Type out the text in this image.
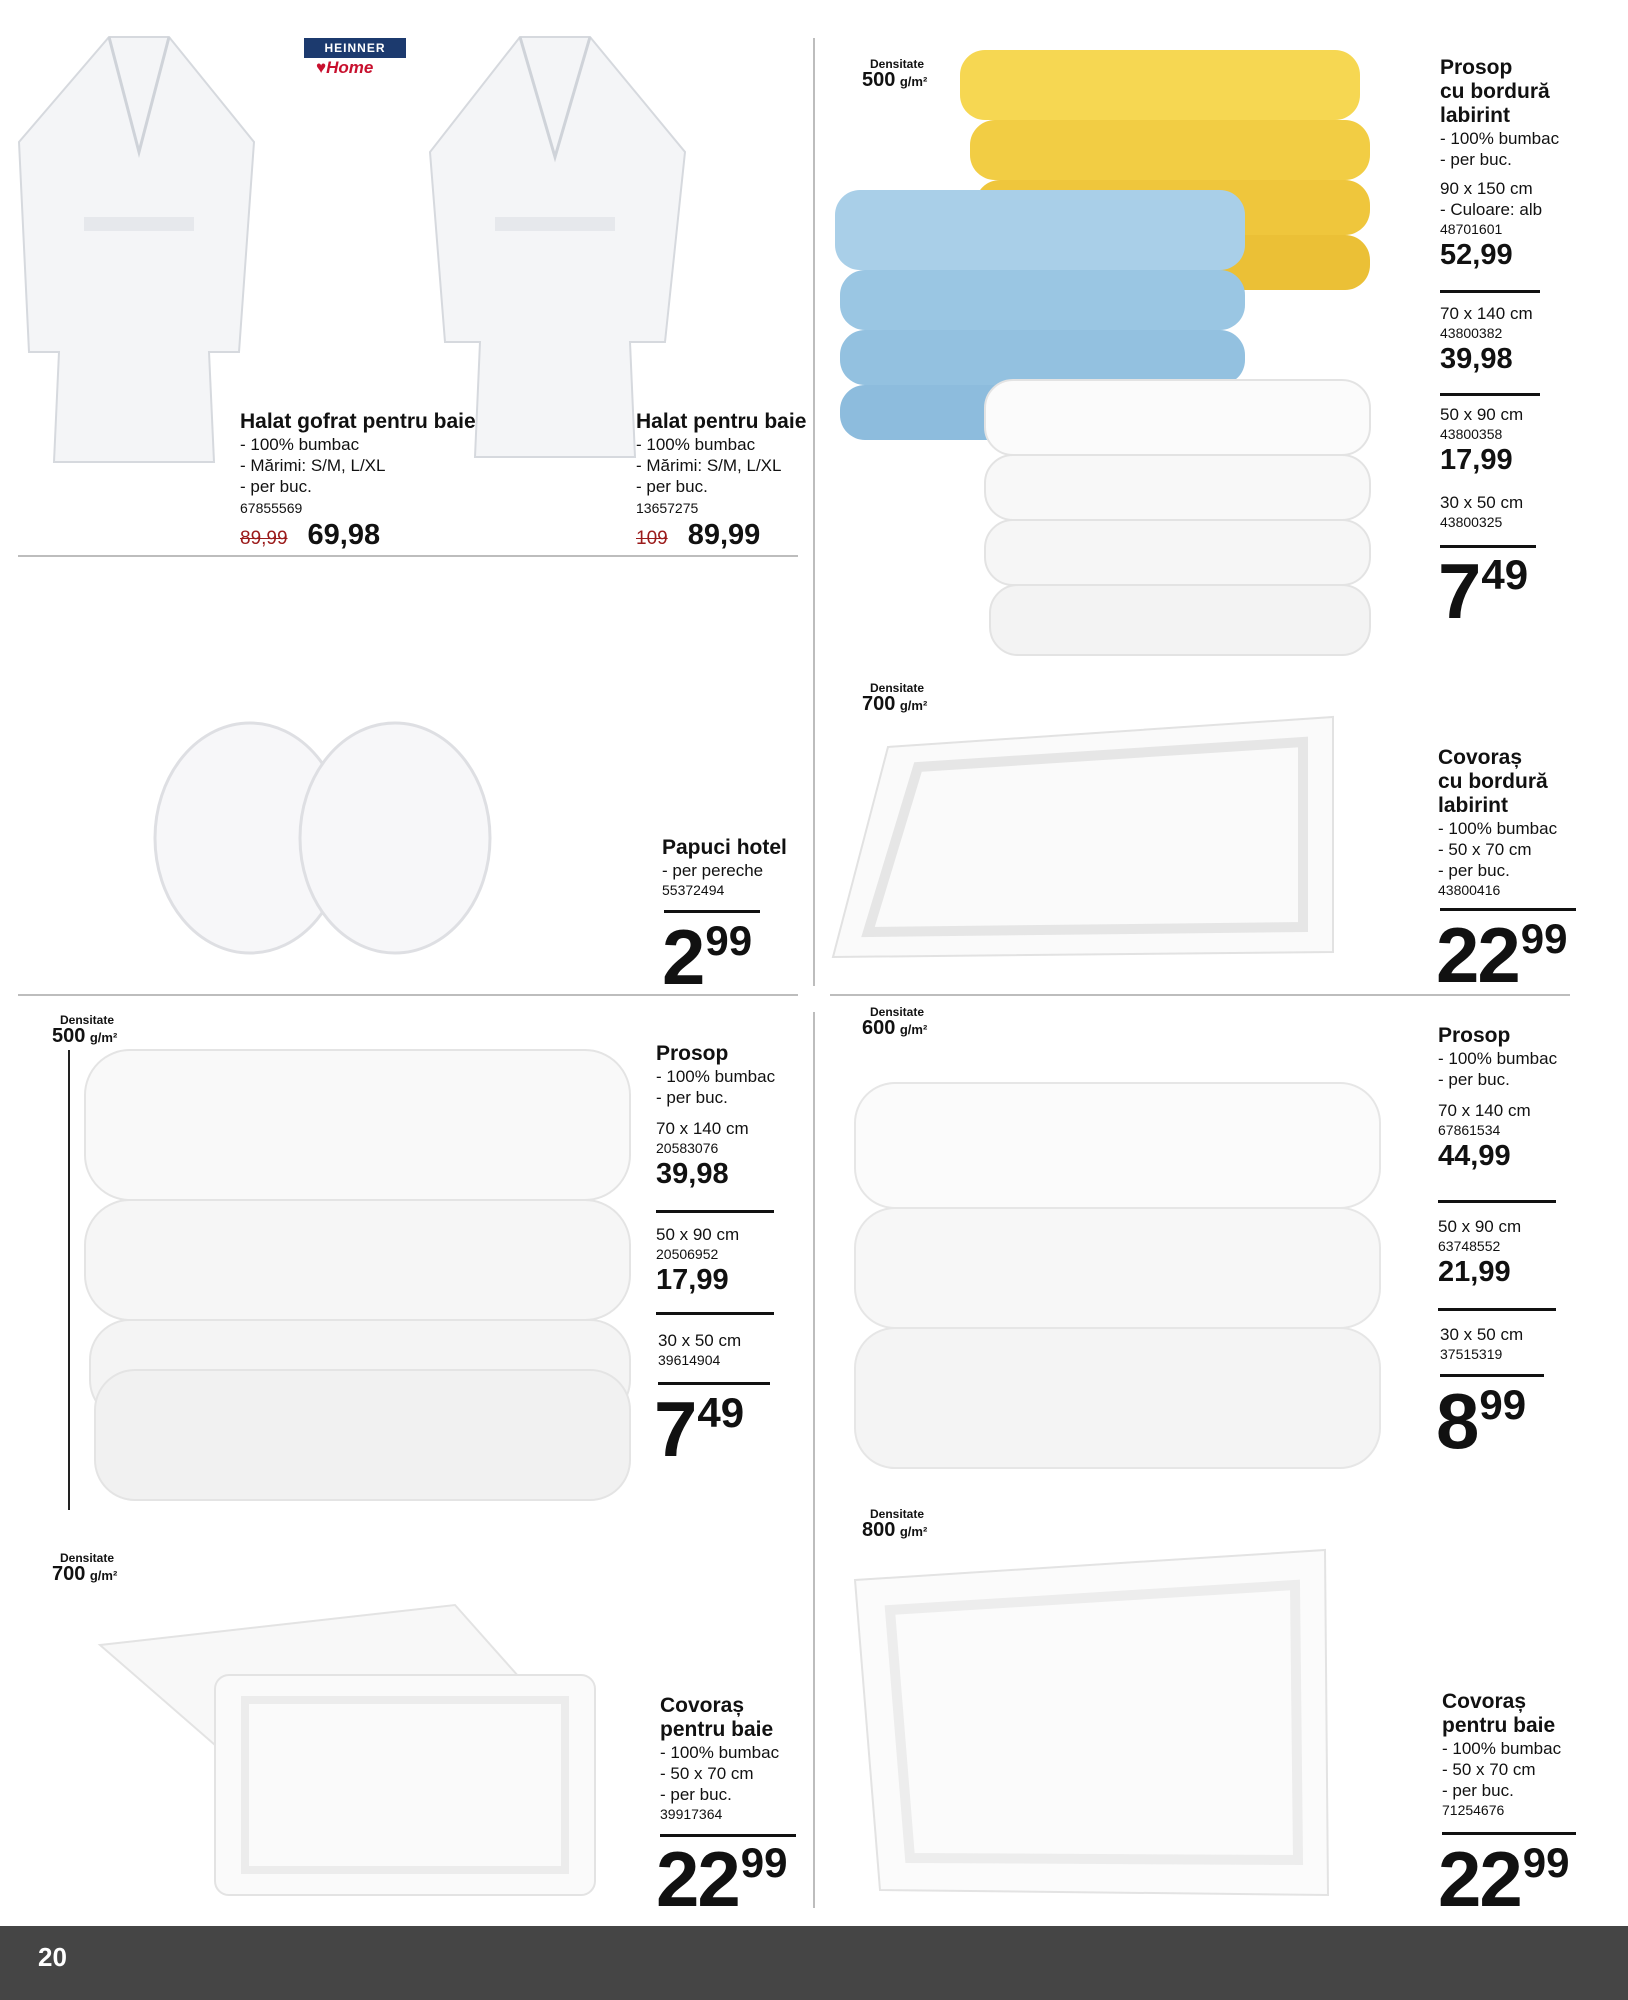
HEINNER
♥Home
Halat gofrat pentru baie
- 100% bumbac
- Mărimi: S/M, L/XL
- per buc.
67855569
89,99 69,98
Halat pentru baie
- 100% bumbac
- Mărimi: S/M, L/XL
- per buc.
13657275
109 89,99
Densitate
500 g/m²
Prosop
cu bordură
labirint
- 100% bumbac
- per buc.
90 x 150 cm
- Culoare: alb
48701601
52,99
70 x 140 cm
43800382
39,98
50 x 90 cm
43800358
17,99
30 x 50 cm
43800325
749
Papuci hotel
- per pereche
55372494
299
Densitate
700 g/m²
Covoraș
cu bordură
labirint
- 100% bumbac
- 50 x 70 cm
- per buc.
43800416
2299
Densitate
500 g/m²
Prosop
- 100% bumbac
- per buc.
70 x 140 cm
20583076
39,98
50 x 90 cm
20506952
17,99
30 x 50 cm
39614904
749
Densitate
600 g/m²	Prosop
- 100% bumbac
- per buc.
70 x 140 cm
67861534
44,99
50 x 90 cm
63748552
21,99
30 x 50 cm
37515319
899
Densitate
700 g/m²
Covoraș
pentru baie
- 100% bumbac
- 50 x 70 cm
- per buc.
39917364
2299
Densitate
800 g/m²
Covoraș
pentru baie
- 100% bumbac
- 50 x 70 cm
- per buc.
71254676
2299
20
